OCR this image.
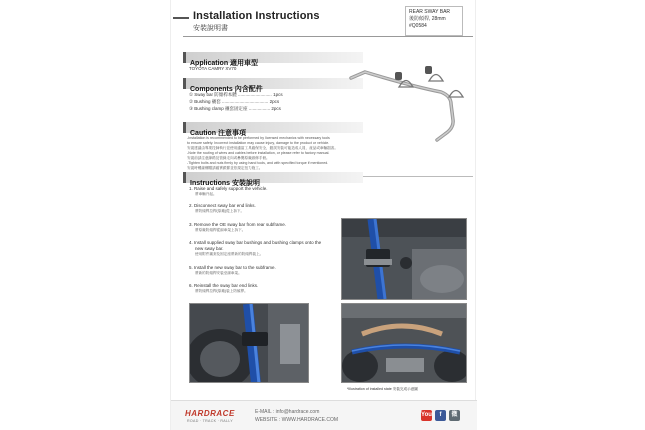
Installation Instructions
安裝說明書
REAR SWAY BAR
後防傾桿, 28mm
#Q0584
Application 適用車型
TOYOTA CAMRY XV70
Components 內含配件
① Sway bar 防傾桿本體 ........................... 1pcs
② Bushing 襯套 ..................................... 2pcs
③ Bushing clamp 襯套固定座 ................. 2pcs
Caution 注意事項
-Installation is recommended to be performed by licensed mechanics with necessary tools
to ensure safety. Incorrect installation may cause injury, damage to the product or vehicle.
安裝建議由專業技師執行並使用適當工具確保安全，錯誤安裝可能造成人員、產品或車輛損害。
-Note the routing of wires and cables before installation, or please refer to factory manual.
安裝前請注意線路及管線走向或參閱原廠維修手冊。
-Tighten bolts and nuts firmly by using hand tools, and with specified torque if mentioned.
安裝時螺絲螺帽請確實鎖緊並依規定扭力施工。
Instructions 安裝說明
1. Raise and safely support the vehicle.
將車輛升起。
2. Disconnect sway bar end links.
將防傾桿拉桿(原廠)從上拆下。
3. Remove the OE sway bar from rear subframe.
將原廠防傾桿從副車架上拆下。
4. Install supplied sway bar bushings and bushing clamps onto the
new sway bar.
使用附件襯套及固定座將新的防傾桿裝上。
5. Install the new sway bar to the subframe.
將新的防傾桿安裝至副車架。
6. Reinstall the sway bar end links.
將防傾桿拉桿(原廠)裝上防傾桿。
*Illustration of installed state 安裝完成示意圖
HARDRACE
ROAD · TRACK · RALLY
E-MAIL : info@hardrace.com
WEBSITE : WWW.HARDRACE.COM
You	f	微
